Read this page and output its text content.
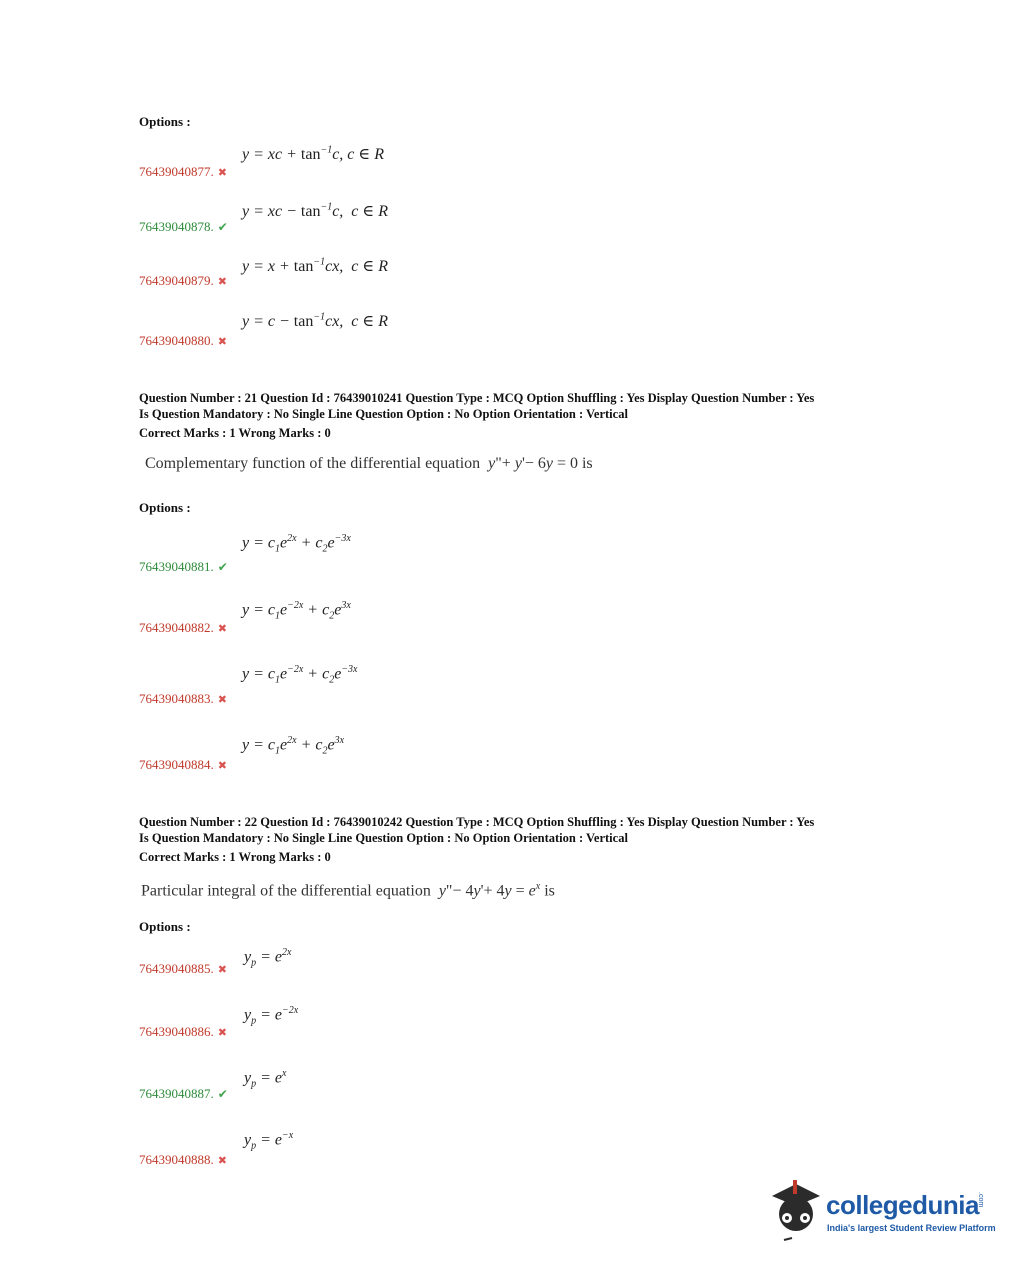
Options :
y = xc + $\tan^{-1}c$, c ∈ R
76439040877. ✖
y = xc − $\tan^{-1}c$,  c ∈ R
76439040878. ✔
$y = x + \tan^{-1}cx$,  c ∈ R
76439040879. ✖
$y = c - \tan^{-1}cx$,  c ∈ R
76439040880. ✖
Question Number : 21 Question Id : 76439010241 Question Type : MCQ Option Shuffling : Yes Display Question Number : Yes
Is Question Mandatory : No Single Line Question Option : No Option Orientation : Vertical
Correct Marks : 1 Wrong Marks : 0
Complementary function of the differential equation  y"+ y'− 6y = 0 is
Options :
$y = c_1e^{2x} + c_2e^{-3x}$
76439040881. ✔
$y = c_1e^{-2x} + c_2e^{3x}$
76439040882. ✖
$y = c_1e^{-2x} + c_2e^{-3x}$
76439040883. ✖
$y = c_1e^{2x} + c_2e^{3x}$
76439040884. ✖
Question Number : 22 Question Id : 76439010242 Question Type : MCQ Option Shuffling : Yes Display Question Number : Yes
Is Question Mandatory : No Single Line Question Option : No Option Orientation : Vertical
Correct Marks : 1 Wrong Marks : 0
Particular integral of the differential equation  y"− $4y'+ 4y = e^x$ is
Options :
$y_p = e^{2x}$
76439040885. ✖
$y_p = e^{-2x}$
76439040886. ✖
$y_p = e^x$
76439040887. ✔
$y_p = e^{-x}$
76439040888. ✖
collegedunia
.com
India's largest Student Review Platform
